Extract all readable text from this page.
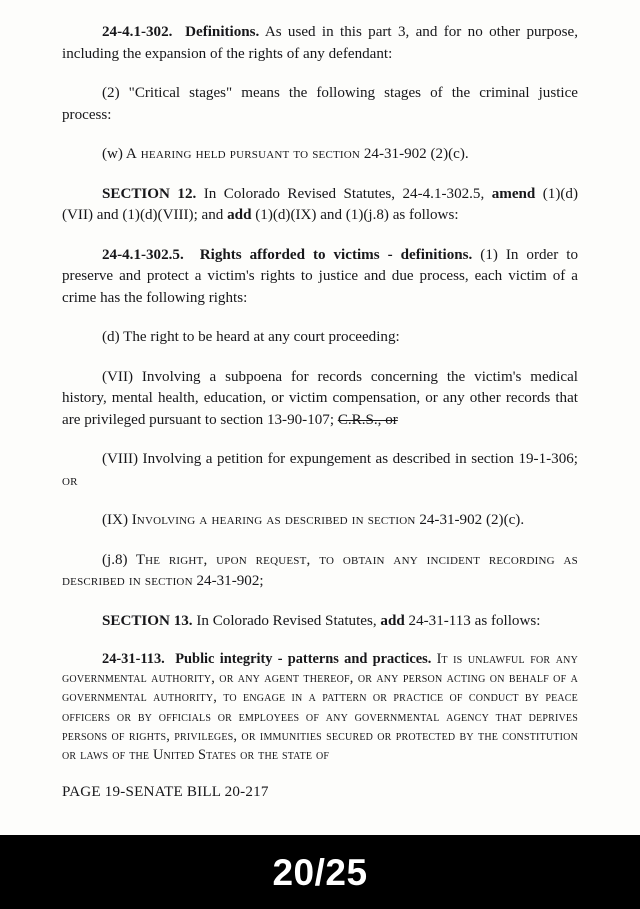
24-4.1-302. Definitions. As used in this part 3, and for no other purpose, including the expansion of the rights of any defendant:

(2) "Critical stages" means the following stages of the criminal justice process:

(w) A hearing held pursuant to section 24-31-902 (2)(c).

SECTION 12. In Colorado Revised Statutes, 24-4.1-302.5, amend (1)(d)(VII) and (1)(d)(VIII); and add (1)(d)(IX) and (1)(j.8) as follows:

24-4.1-302.5. Rights afforded to victims - definitions. (1) In order to preserve and protect a victim's rights to justice and due process, each victim of a crime has the following rights:

(d) The right to be heard at any court proceeding:

(VII) Involving a subpoena for records concerning the victim's medical history, mental health, education, or victim compensation, or any other records that are privileged pursuant to section 13-90-107; C.R.S., or

(VIII) Involving a petition for expungement as described in section 19-1-306; or

(IX) Involving a hearing as described in section 24-31-902 (2)(c).

(j.8) The right, upon request, to obtain any incident recording as described in section 24-31-902;

SECTION 13. In Colorado Revised Statutes, add 24-31-113 as follows:

24-31-113. Public integrity - patterns and practices. It is unlawful for any governmental authority, or any agent thereof, or any person acting on behalf of a governmental authority, to engage in a pattern or practice of conduct by peace officers or by officials or employees of any governmental agency that deprives persons of rights, privileges, or immunities secured or protected by the constitution or laws of the United States or the state of

PAGE 19-SENATE BILL 20-217
20/25
